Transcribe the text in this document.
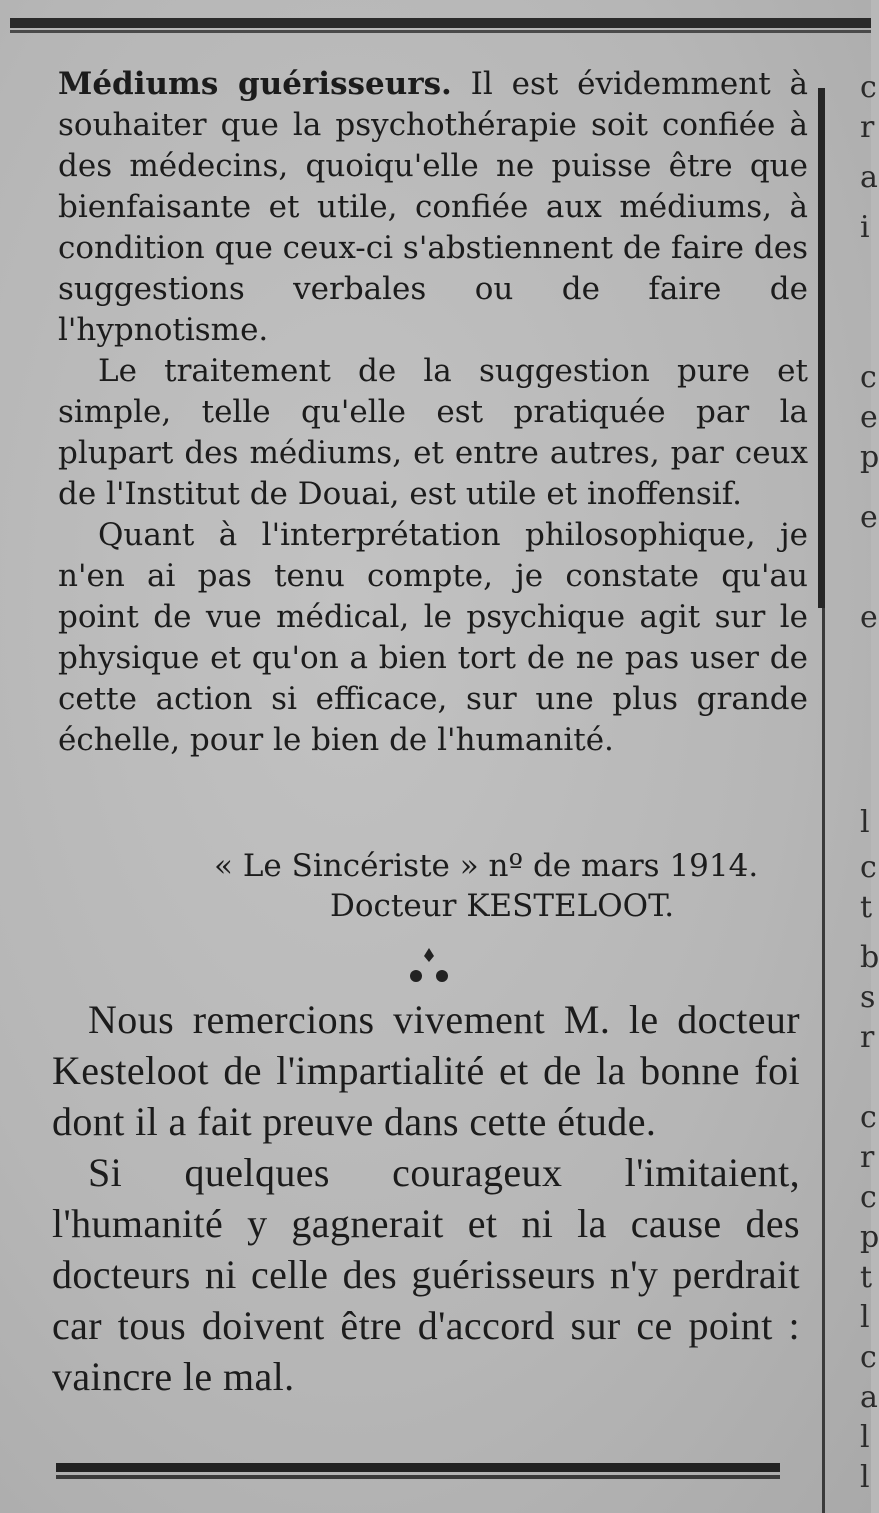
c
r
a
i
c
e
p
e
e
l
c
t
b
s
r
c
r
c
p
t
l
c
a
l
l

Médiums guérisseurs. Il est évidemment à souhaiter que la psychothérapie soit confiée à des médecins, quoiqu'elle ne puisse être que bienfaisante et utile, confiée aux médiums, à condition que ceux-ci s'abstiennent de faire des suggestions verbales ou de faire de l'hypnotisme.

Le traitement de la suggestion pure et simple, telle qu'elle est pratiquée par la plupart des médiums, et entre autres, par ceux de l'Institut de Douai, est utile et inoffensif.

Quant à l'interprétation philosophique, je n'en ai pas tenu compte, je constate qu'au point de vue médical, le psychique agit sur le physique et qu'on a bien tort de ne pas user de cette action si efficace, sur une plus grande échelle, pour le bien de l'humanité.

« Le Sincériste » nº de mars 1914.
Docteur KESTELOOT.

Nous remercions vivement M. le docteur Kesteloot de l'impartialité et de la bonne foi dont il a fait preuve dans cette étude.

Si quelques courageux l'imitaient, l'humanité y gagnerait et ni la cause des docteurs ni celle des guérisseurs n'y perdrait car tous doivent être d'accord sur ce point : vaincre le mal.
